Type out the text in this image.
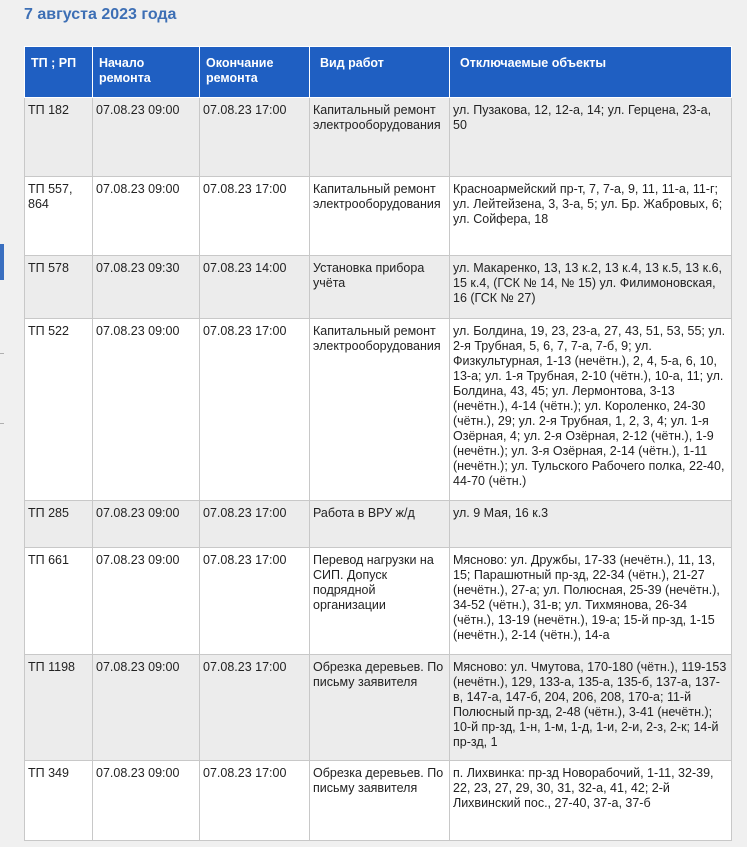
7 августа 2023 года
ТП ; РП	Начало ремонта	Окончание ремонта	Вид работ	Отключаемые объекты
ТП 182	07.08.23 09:00	07.08.23 17:00	Капитальный ремонт электрооборудования	ул. Пузакова, 12, 12-а, 14; ул. Герцена, 23-а, 50
ТП 557, 864	07.08.23 09:00	07.08.23 17:00	Капитальный ремонт электрооборудования	Красноармейский пр-т, 7, 7-а, 9, 11, 11-а, 11-г; ул. Лейтейзена, 3, 3-а, 5; ул. Бр. Жабровых, 6; ул. Сойфера, 18
ТП 578	07.08.23 09:30	07.08.23 14:00	Установка прибора учёта	ул. Макаренко, 13, 13 к.2, 13 к.4, 13 к.5, 13 к.6, 15 к.4, (ГСК № 14, № 15) ул. Филимоновская, 16 (ГСК № 27)
ТП 522	07.08.23 09:00	07.08.23 17:00	Капитальный ремонт электрооборудования	ул. Болдина, 19, 23, 23-а, 27, 43, 51, 53, 55; ул. 2-я Трубная, 5, 6, 7, 7-а, 7-б, 9; ул. Физкультурная, 1-13 (нечётн.), 2, 4, 5-а, 6, 10, 13-а; ул. 1-я Трубная, 2-10 (чётн.), 10-а, 11; ул. Болдина, 43, 45; ул. Лермонтова, 3-13 (нечётн.), 4-14 (чётн.); ул. Короленко, 24-30 (чётн.), 29; ул. 2-я Трубная, 1, 2, 3, 4; ул. 1-я Озёрная, 4; ул. 2-я Озёрная, 2-12 (чётн.), 1-9 (нечётн.); ул. 3-я Озёрная, 2-14 (чётн.), 1-11 (нечётн.); ул. Тульского Рабочего полка, 22-40, 44-70 (чётн.)
ТП 285	07.08.23 09:00	07.08.23 17:00	Работа в ВРУ ж/д	ул. 9 Мая, 16 к.3
ТП 661	07.08.23 09:00	07.08.23 17:00	Перевод нагрузки на СИП. Допуск подрядной организации	Мясново: ул. Дружбы, 17-33 (нечётн.), 11, 13, 15; Парашютный пр-зд, 22-34 (чётн.), 21-27 (нечётн.), 27-а; ул. Полюсная, 25-39 (нечётн.), 34-52 (чётн.), 31-в; ул. Тихмянова, 26-34 (чётн.), 13-19 (нечётн.), 19-а; 15-й пр-зд, 1-15 (нечётн.), 2-14 (чётн.), 14-а
ТП 1198	07.08.23 09:00	07.08.23 17:00	Обрезка деревьев. По письму заявителя	Мясново: ул. Чмутова, 170-180 (чётн.), 119-153 (нечётн.), 129, 133-а, 135-а, 135-б, 137-а, 137-в, 147-а, 147-б, 204, 206, 208, 170-а; 11-й Полюсный пр-зд, 2-48 (чётн.), 3-41 (нечётн.); 10-й пр-зд, 1-н, 1-м, 1-д, 1-и, 2-и, 2-з, 2-к; 14-й пр-зд, 1
ТП 349	07.08.23 09:00	07.08.23 17:00	Обрезка деревьев. По письму заявителя	п. Лихвинка: пр-зд Новорабочий, 1-11, 32-39, 22, 23, 27, 29, 30, 31, 32-а, 41, 42; 2-й Лихвинский пос., 27-40, 37-а, 37-б
